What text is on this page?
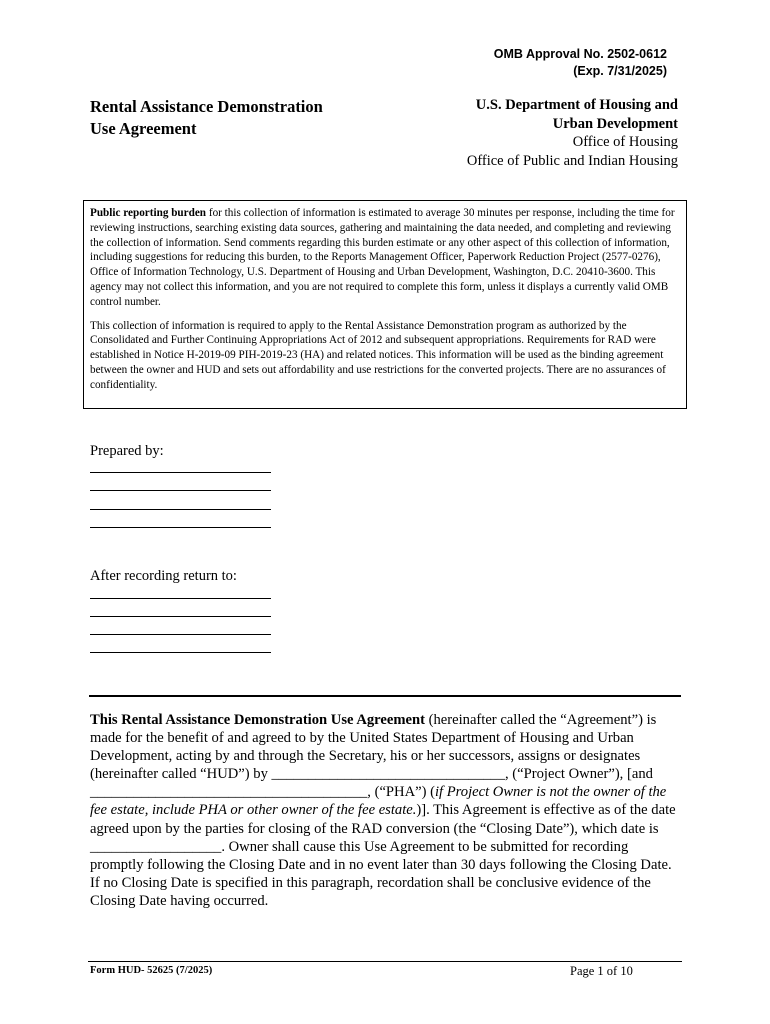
OMB Approval No. 2502-0612
(Exp. 7/31/2025)
Rental Assistance Demonstration
Use Agreement
U.S. Department of Housing and
Urban Development
Office of Housing
Office of Public and Indian Housing

Public reporting burden for this collection of information is estimated to average 30 minutes per response, including the time for reviewing instructions, searching existing data sources, gathering and maintaining the data needed, and completing and reviewing the collection of information. Send comments regarding this burden estimate or any other aspect of this collection of information, including suggestions for reducing this burden, to the Reports Management Officer, Paperwork Reduction Project (2577-0276), Office of Information Technology, U.S. Department of Housing and Urban Development, Washington, D.C. 20410-3600. This agency may not collect this information, and you are not required to complete this form, unless it displays a currently valid OMB control number.

This collection of information is required to apply to the Rental Assistance Demonstration program as authorized by the Consolidated and Further Continuing Appropriations Act of 2012 and subsequent appropriations. Requirements for RAD were established in Notice H-2019-09 PIH-2019-23 (HA) and related notices. This information will be used as the binding agreement between the owner and HUD and sets out affordability and use restrictions for the converted projects. There are no assurances of confidentiality.

Prepared by:
After recording return to:

This Rental Assistance Demonstration Use Agreement (hereinafter called the “Agreement”) is made for the benefit of and agreed to by the United States Department of Housing and Urban Development, acting by and through the Secretary, his or her successors, assigns or designates (hereinafter called “HUD”) by ________________________________, (“Project Owner”), [and ______________________________________, (“PHA”) (if Project Owner is not the owner of the fee estate, include PHA or other owner of the fee estate.)]. This Agreement is effective as of the date agreed upon by the parties for closing of the RAD conversion (the “Closing Date”), which date is __________________. Owner shall cause this Use Agreement to be submitted for recording promptly following the Closing Date and in no event later than 30 days following the Closing Date. If no Closing Date is specified in this paragraph, recordation shall be conclusive evidence of the Closing Date having occurred.

Form HUD- 52625 (7/2025)	Page 1 of 10
